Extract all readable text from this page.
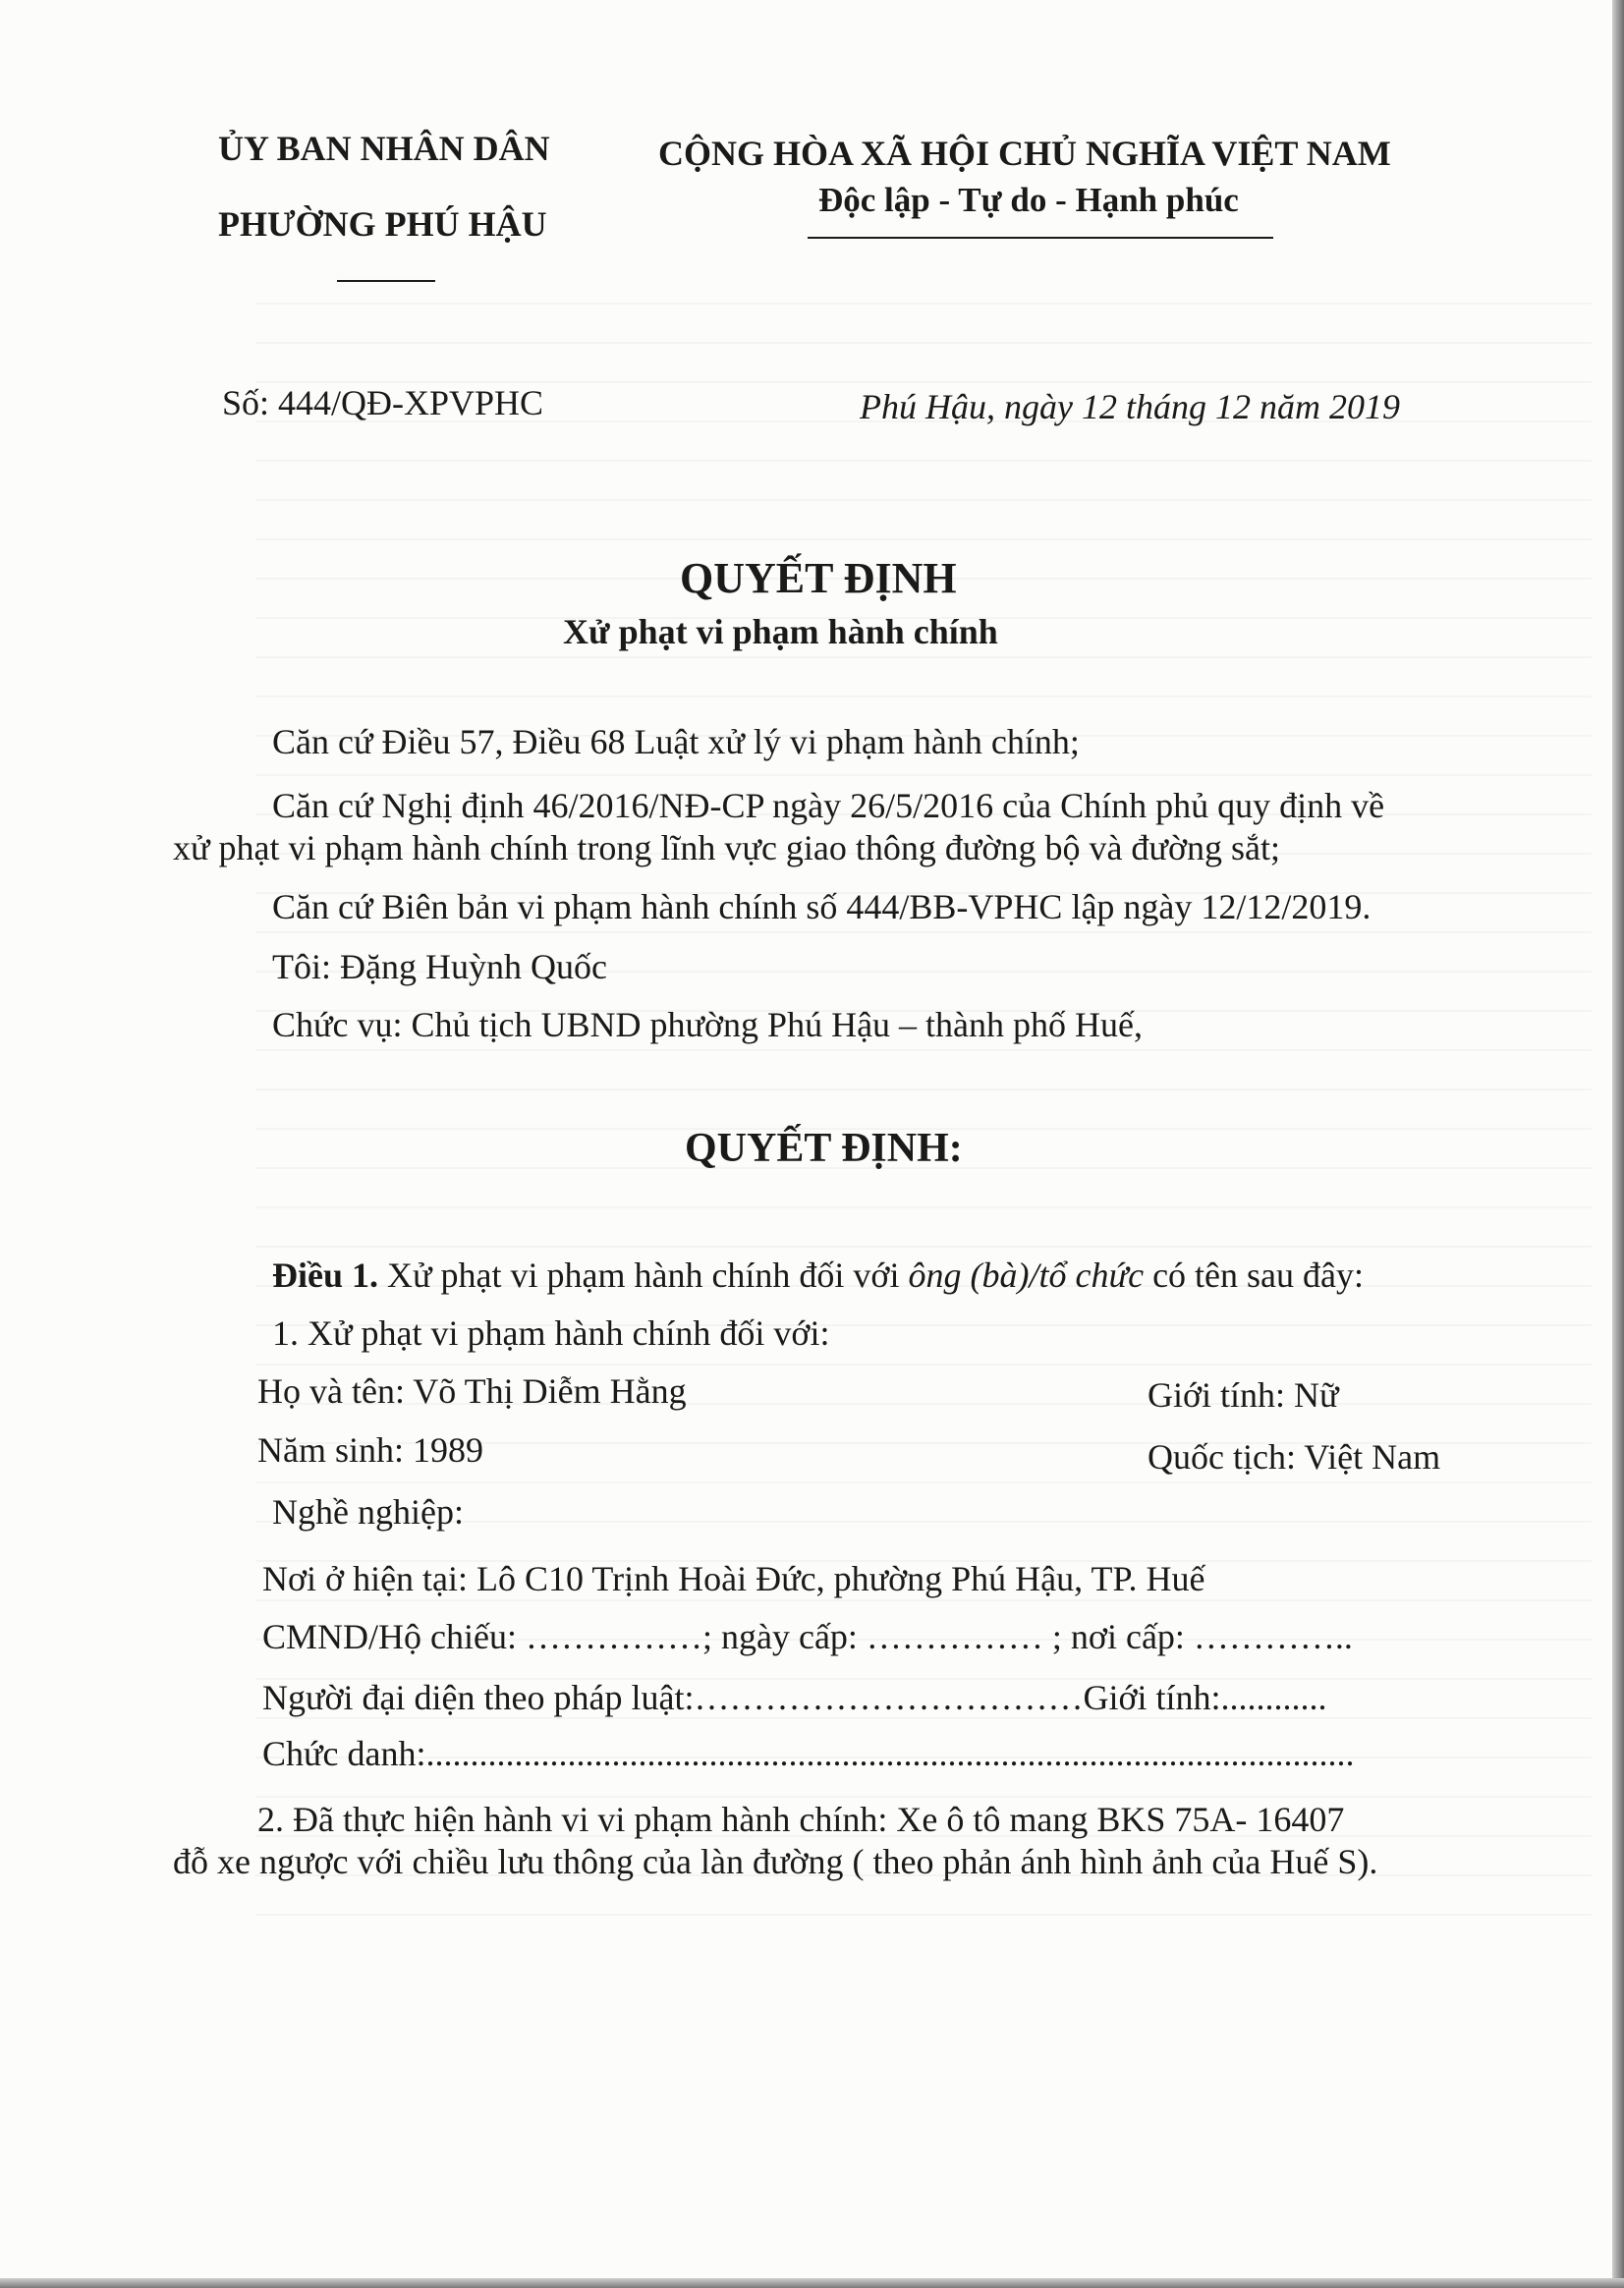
ỦY BAN NHÂN DÂN
PHƯỜNG PHÚ HẬU
CỘNG HÒA XÃ HỘI CHỦ NGHĨA VIỆT NAM
Độc lập - Tự do - Hạnh phúc
Số: 444/QĐ-XPVPHC	Phú Hậu, ngày 12 tháng 12 năm 2019
QUYẾT ĐỊNH
Xử phạt vi phạm hành chính
Căn cứ Điều 57, Điều 68 Luật xử lý vi phạm hành chính;
Căn cứ Nghị định 46/2016/NĐ-CP ngày 26/5/2016 của Chính phủ quy định về
xử phạt vi phạm hành chính trong lĩnh vực giao thông đường bộ và đường sắt;
Căn cứ Biên bản vi phạm hành chính số 444/BB-VPHC lập ngày 12/12/2019.
Tôi: Đặng Huỳnh Quốc
Chức vụ: Chủ tịch UBND phường Phú Hậu – thành phố Huế,
QUYẾT ĐỊNH:
Điều 1. Xử phạt vi phạm hành chính đối với ông (bà)/tổ chức có tên sau đây:
1. Xử phạt vi phạm hành chính đối với:
Họ và tên: Võ Thị Diễm Hằng	Giới tính: Nữ
Năm sinh: 1989	Quốc tịch: Việt Nam
Nghề nghiệp:
Nơi ở hiện tại: Lô C10 Trịnh Hoài Đức, phường Phú Hậu, TP. Huế
CMND/Hộ chiếu: ……………; ngày cấp: …………… ; nơi cấp: …………..
Người đại diện theo pháp luật:……………………………Giới tính:............
Chức danh:.........................................................................................................
2. Đã thực hiện hành vi vi phạm hành chính: Xe ô tô mang BKS 75A- 16407
đỗ xe ngược với chiều lưu thông của làn đường ( theo phản ánh hình ảnh của Huế S).
